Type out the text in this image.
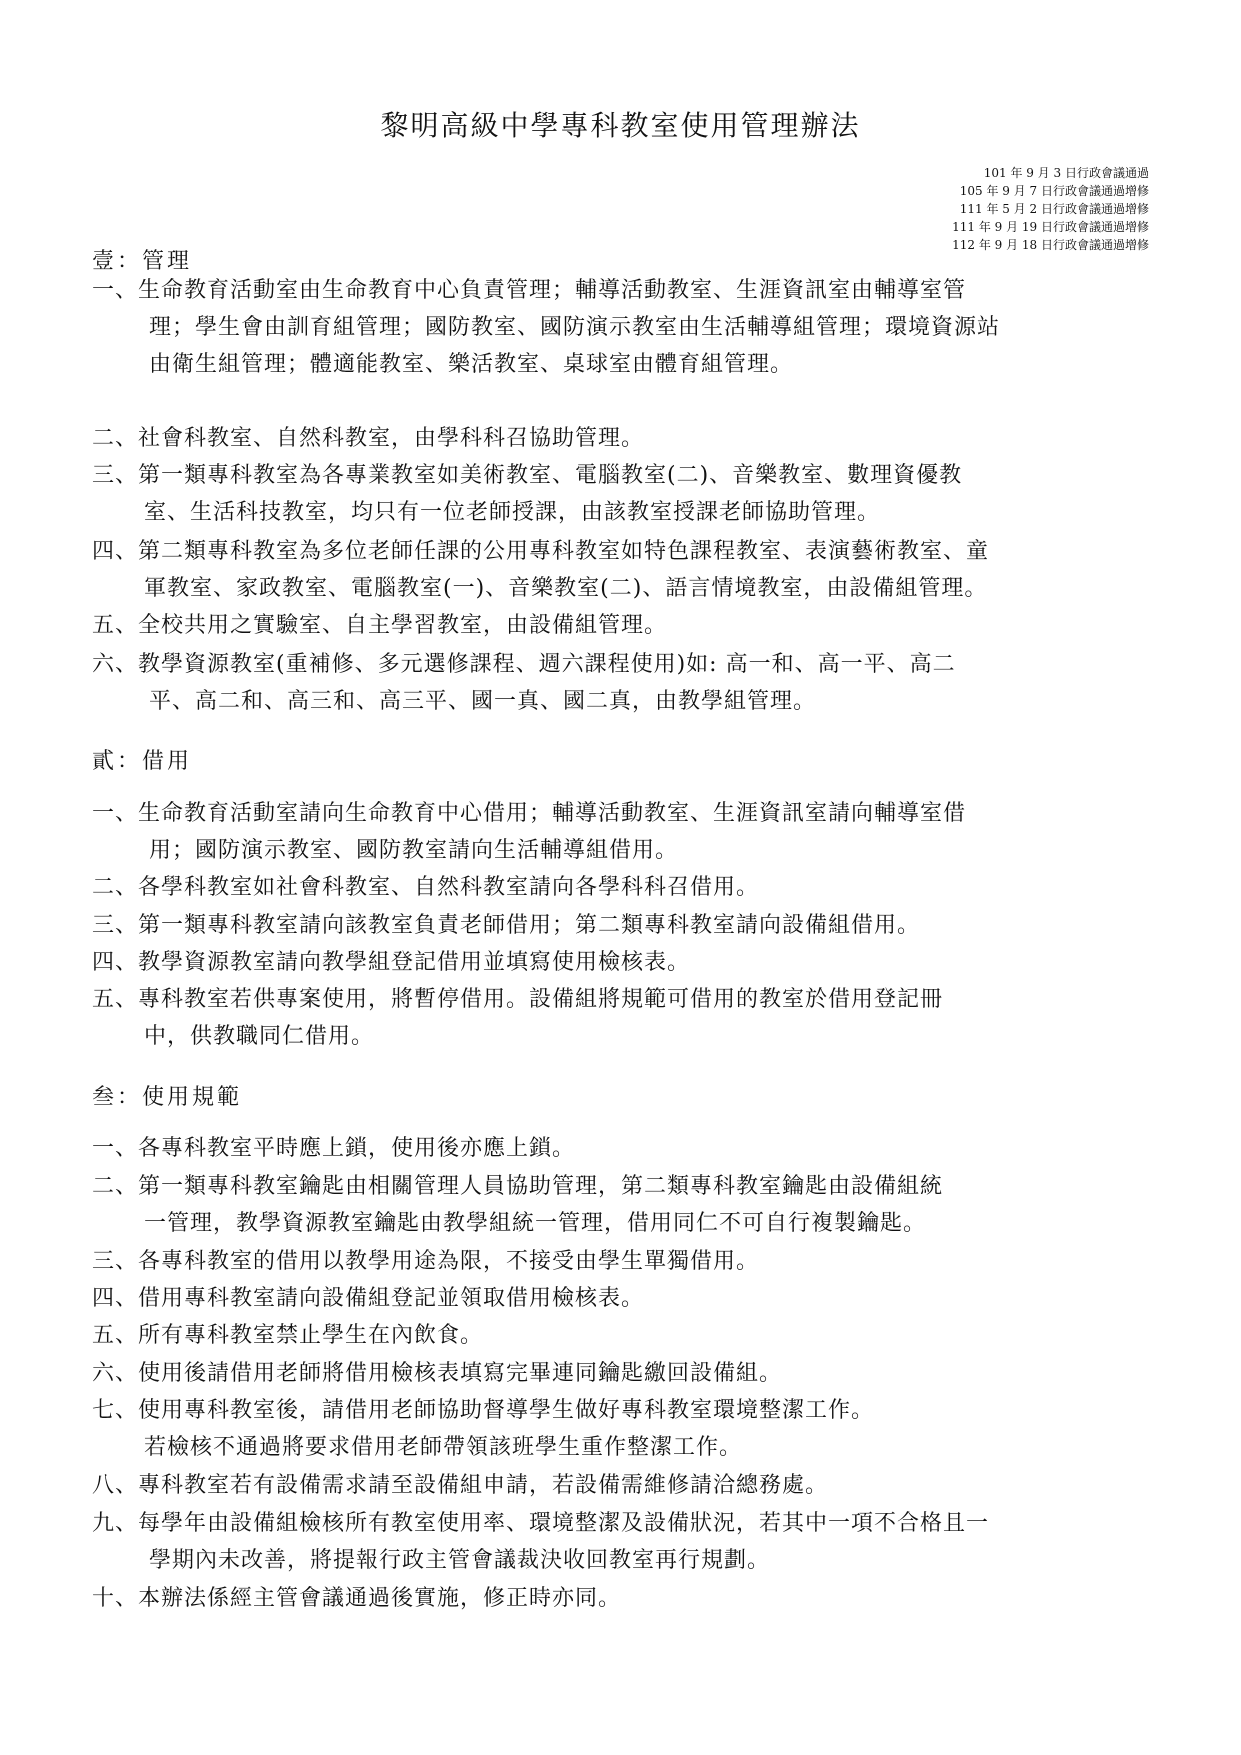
黎明高級中學專科教室使用管理辦法
101 年 9 月 3 日行政會議通過
105 年 9 月 7 日行政會議通過增修
111 年 5 月 2 日行政會議通過增修
111 年 9 月 19 日行政會議通過增修
112 年 9 月 18 日行政會議通過增修
壹：管理
一、生命教育活動室由生命教育中心負責管理；輔導活動教室、生涯資訊室由輔導室管
理；學生會由訓育組管理；國防教室、國防演示教室由生活輔導組管理；環境資源站
由衛生組管理；體適能教室、樂活教室、桌球室由體育組管理。
二、社會科教室、自然科教室，由學科科召協助管理。
三、第一類專科教室為各專業教室如美術教室、電腦教室(二)、音樂教室、數理資優教
室、生活科技教室，均只有一位老師授課，由該教室授課老師協助管理。
四、第二類專科教室為多位老師任課的公用專科教室如特色課程教室、表演藝術教室、童
軍教室、家政教室、電腦教室(一)、音樂教室(二)、語言情境教室，由設備組管理。
五、全校共用之實驗室、自主學習教室，由設備組管理。
六、教學資源教室(重補修、多元選修課程、週六課程使用)如: 高一和、高一平、高二
平、高二和、高三和、高三平、國一真、國二真，由教學組管理。
貳：借用
一、生命教育活動室請向生命教育中心借用；輔導活動教室、生涯資訊室請向輔導室借
用；國防演示教室、國防教室請向生活輔導組借用。
二、各學科教室如社會科教室、自然科教室請向各學科科召借用。
三、第一類專科教室請向該教室負責老師借用；第二類專科教室請向設備組借用。
四、教學資源教室請向教學組登記借用並填寫使用檢核表。
五、專科教室若供專案使用，將暫停借用。設備組將規範可借用的教室於借用登記冊
中，供教職同仁借用。
叁：使用規範
一、各專科教室平時應上鎖，使用後亦應上鎖。
二、第一類專科教室鑰匙由相關管理人員協助管理，第二類專科教室鑰匙由設備組統
一管理，教學資源教室鑰匙由教學組統一管理，借用同仁不可自行複製鑰匙。
三、各專科教室的借用以教學用途為限，不接受由學生單獨借用。
四、借用專科教室請向設備組登記並領取借用檢核表。
五、所有專科教室禁止學生在內飲食。
六、使用後請借用老師將借用檢核表填寫完畢連同鑰匙繳回設備組。
七、使用專科教室後，請借用老師協助督導學生做好專科教室環境整潔工作。
若檢核不通過將要求借用老師帶領該班學生重作整潔工作。
八、專科教室若有設備需求請至設備組申請，若設備需維修請洽總務處。
九、每學年由設備組檢核所有教室使用率、環境整潔及設備狀況，若其中一項不合格且一
學期內未改善，將提報行政主管會議裁決收回教室再行規劃。
十、本辦法係經主管會議通過後實施，修正時亦同。
